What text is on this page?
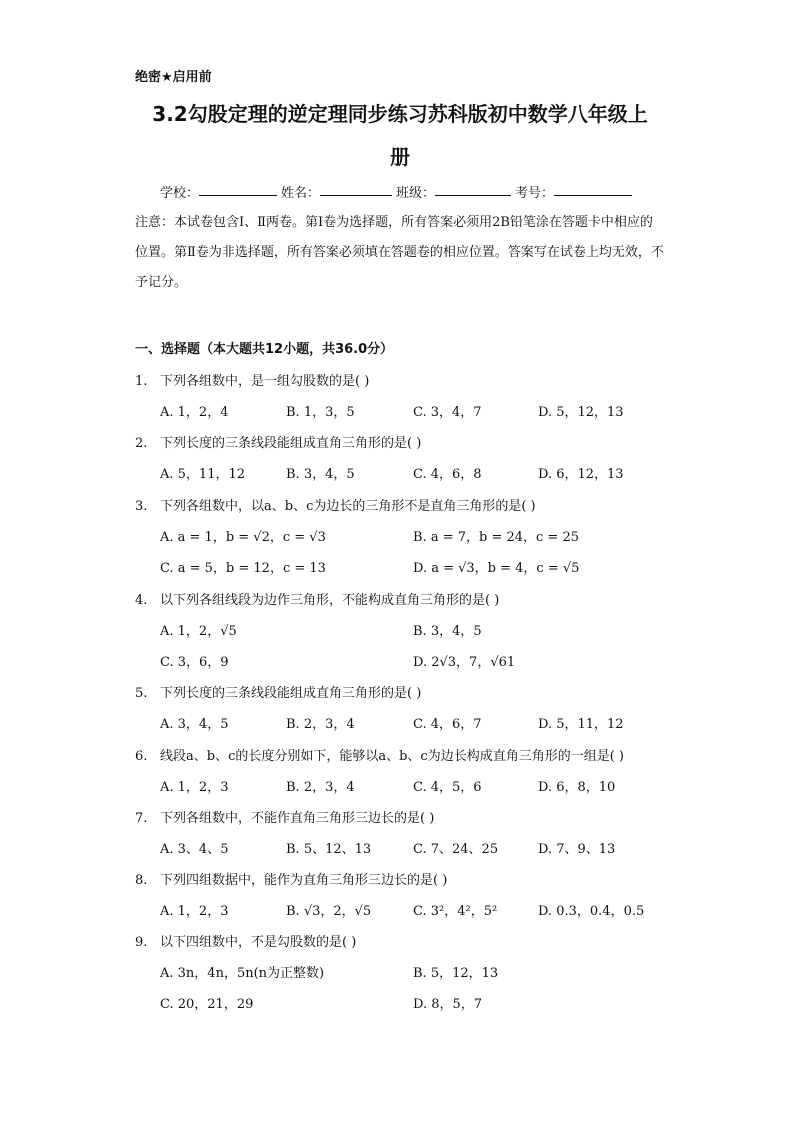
绝密★启用前
3.2勾股定理的逆定理同步练习苏科版初中数学八年级上
册
学校：	姓名：	班级：	考号：
注意：本试卷包含Ⅰ、Ⅱ两卷。第Ⅰ卷为选择题，所有答案必须用2B铅笔涂在答题卡中相应的位置。第Ⅱ卷为非选择题，所有答案必须填在答题卷的相应位置。答案写在试卷上均无效，不予记分。
一、选择题（本大题共12小题，共36.0分）
1. 下列各组数中，是一组勾股数的是( )
A. 1，2，4	B. 1，3，5	C. 3，4，7	D. 5，12，13
2. 下列长度的三条线段能组成直角三角形的是( )
A. 5，11，12	B. 3，4，5	C. 4，6，8	D. 6，12，13
3. 下列各组数中，以a、b、c为边长的三角形不是直角三角形的是( )
A. a = 1，b = √2，c = √3	B. a = 7，b = 24，c = 25
C. a = 5，b = 12，c = 13	D. a = √3，b = 4，c = √5
4. 以下列各组线段为边作三角形，不能构成直角三角形的是( )
A. 1，2，√5	B. 3，4，5
C. 3，6，9	D. 2√3，7，√61
5. 下列长度的三条线段能组成直角三角形的是( )
A. 3，4，5	B. 2，3，4	C. 4，6，7	D. 5，11，12
6. 线段a、b、c的长度分别如下，能够以a、b、c为边长构成直角三角形的一组是( )
A. 1，2，3	B. 2，3，4	C. 4，5，6	D. 6，8，10
7. 下列各组数中，不能作直角三角形三边长的是( )
A. 3、4、5	B. 5、12、13	C. 7、24、25	D. 7、9、13
8. 下列四组数据中，能作为直角三角形三边长的是( )
A. 1，2，3	B. √3，2，√5	C. 3²，4²，5²	D. 0.3，0.4，0.5
9. 以下四组数中，不是勾股数的是( )
A. 3n，4n，5n(n为正整数)	B. 5，12，13
C. 20，21，29	D. 8，5，7
